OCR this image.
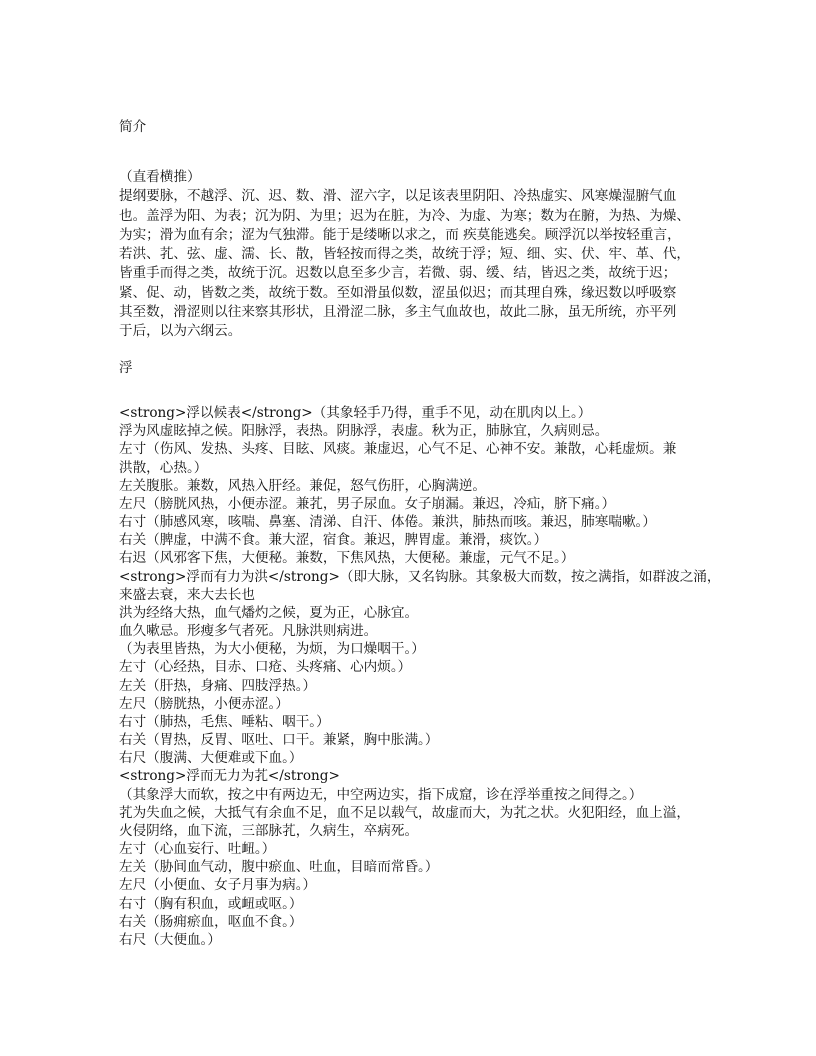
简介
（直看横推）
提纲要脉，不越浮、沉、迟、数、滑、涩六字，以足该表里阴阳、冷热虚实、风寒燥湿腑气血
也。盖浮为阳、为表；沉为阴、为里；迟为在脏，为冷、为虚、为寒；数为在腑，为热、为燥、
为实；滑为血有余；涩为气独滞。能于是缕晰以求之，而 疾莫能逃矣。顾浮沉以举按轻重言，
若洪、芤、弦、虚、濡、长、散，皆轻按而得之类，故统于浮；短、细、实、伏、牢、革、代，
皆重手而得之类，故统于沉。迟数以息至多少言，若微、弱、缓、结，皆迟之类，故统于迟；
紧、促、动，皆数之类，故统于数。至如滑虽似数，涩虽似迟；而其理自殊，缘迟数以呼吸察
其至数，滑涩则以往来察其形状，且滑涩二脉，多主气血故也，故此二脉，虽无所统，亦平列
于后，以为六纲云。
浮
<strong>浮以候表</strong>（其象轻手乃得，重手不见，动在肌肉以上。）
浮为风虚眩掉之候。阳脉浮，表热。阴脉浮，表虚。秋为正，肺脉宜，久病则忌。
左寸（伤风、发热、头疼、目眩、风痰。兼虚迟，心气不足、心神不安。兼散，心耗虚烦。兼
洪散，心热。）
左关腹胀。兼数，风热入肝经。兼促，怒气伤肝，心胸满逆。
左尺（膀胱风热，小便赤涩。兼芤，男子尿血。女子崩漏。兼迟，冷疝，脐下痛。）
右寸（肺感风寒，咳喘、鼻塞、清涕、自汗、体倦。兼洪，肺热而咳。兼迟，肺寒喘嗽。）
右关（脾虚，中满不食。兼大涩，宿食。兼迟，脾胃虚。兼滑，痰饮。）
右迟（风邪客下焦，大便秘。兼数，下焦风热，大便秘。兼虚，元气不足。）
<strong>浮而有力为洪</strong>（即大脉，又名钩脉。其象极大而数，按之满指，如群波之涌，
来盛去衰，来大去长也
洪为经络大热，血气燔灼之候，夏为正，心脉宜。
血久嗽忌。形瘦多气者死。凡脉洪则病进。
（为表里皆热，为大小便秘，为烦，为口燥咽干。）
左寸（心经热，目赤、口疮、头疼痛、心内烦。）
左关（肝热，身痛、四肢浮热。）
左尺（膀胱热，小便赤涩。）
右寸（肺热，毛焦、唾粘、咽干。）
右关（胃热，反胃、呕吐、口干。兼紧，胸中胀满。）
右尺（腹满、大便难或下血。）
<strong>浮而无力为芤</strong>
（其象浮大而软，按之中有两边无，中空两边实，指下成窟，诊在浮举重按之间得之。）
芤为失血之候，大抵气有余血不足，血不足以载气，故虚而大，为芤之状。火犯阳经，血上溢，
火侵阴络，血下流，三部脉芤，久病生，卒病死。
左寸（心血妄行、吐衄。）
左关（胁间血气动，腹中瘀血、吐血，目暗而常昏。）
左尺（小便血、女子月事为病。）
右寸（胸有积血，或衄或呕。）
右关（肠痈瘀血，呕血不食。）
右尺（大便血。）
